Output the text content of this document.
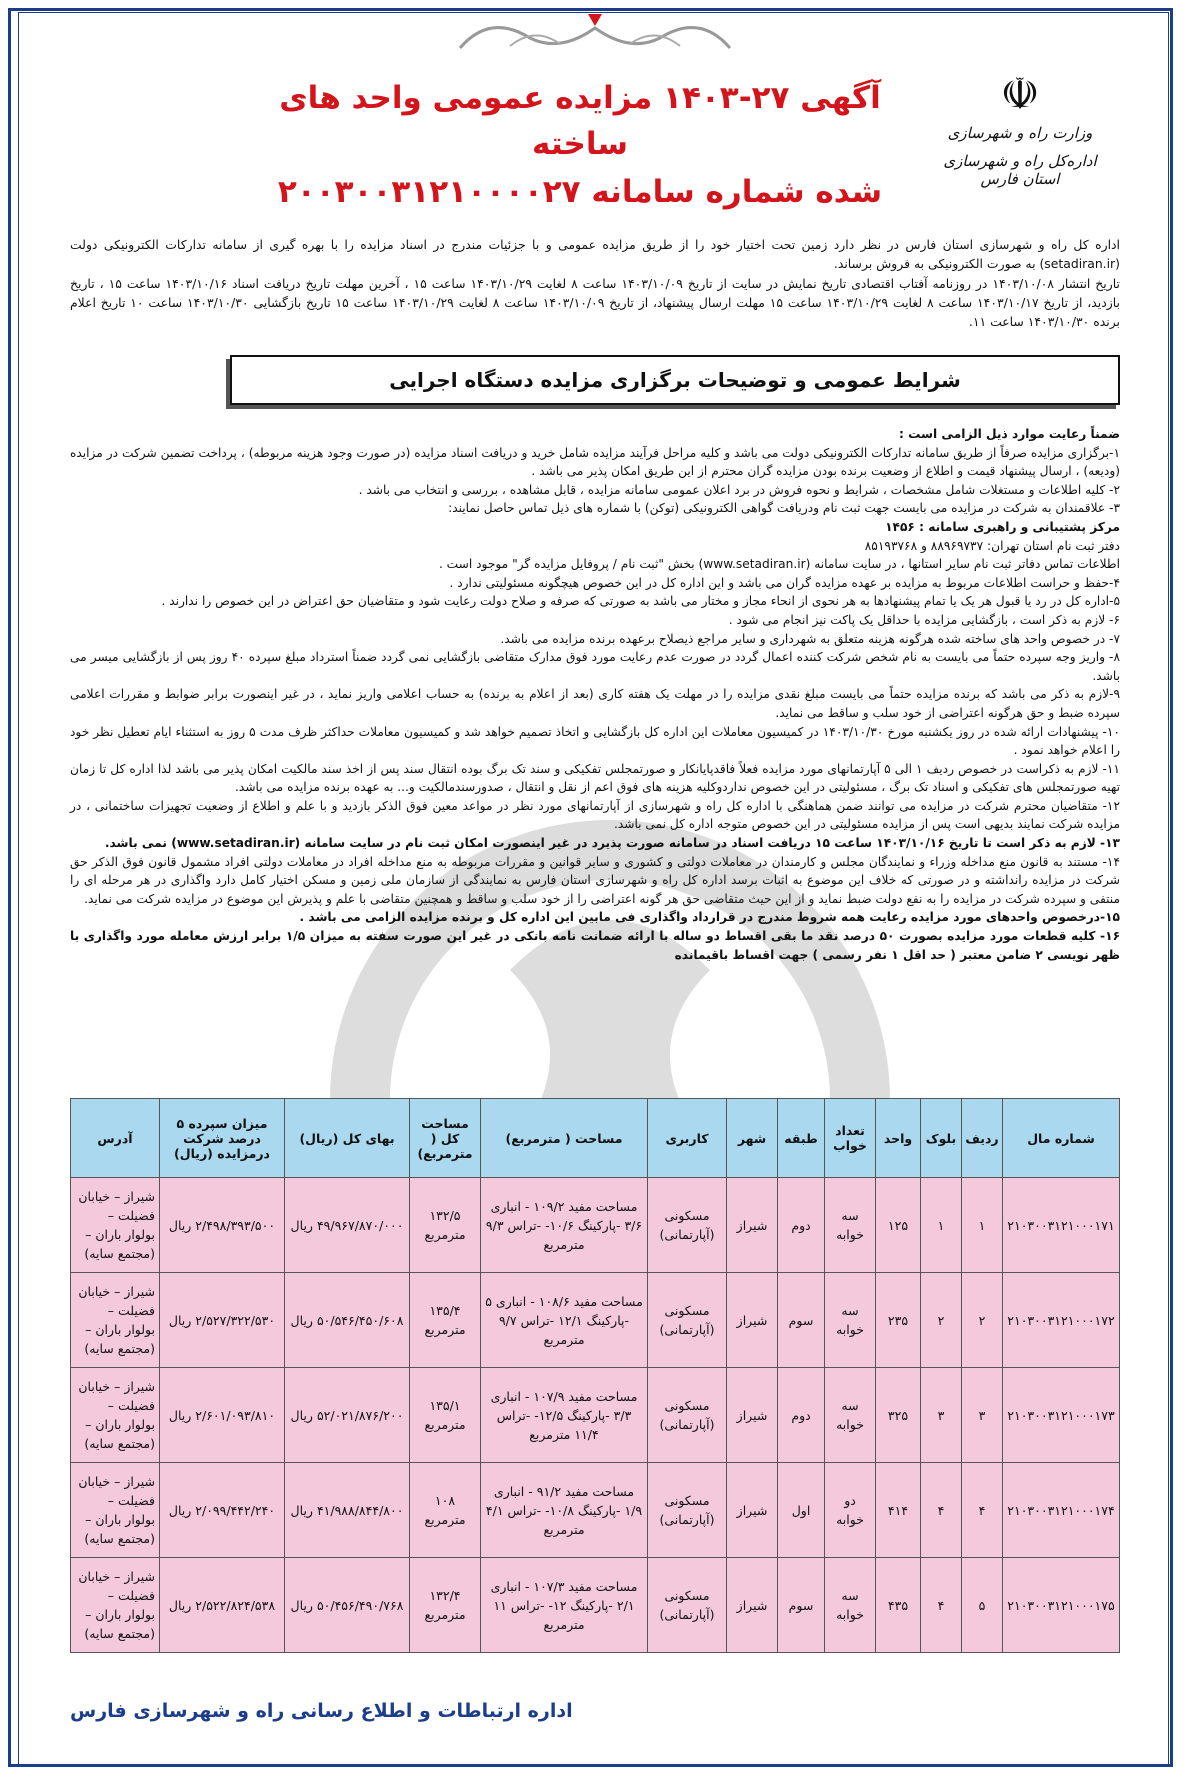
☫
وزارت راه و شهرسازی
اداره‌کل راه و شهرسازی استان فارس
آگهی ۲۷-۱۴۰۳ مزایده عمومی واحد های ساخته
شده شماره سامانه ۲۰۰۳۰۰۳۱۲۱۰۰۰۰۲۷

اداره کل راه و شهرسازی استان فارس در نظر دارد زمین تحت اختیار خود را از طریق مزایده عمومی و با جزئیات مندرج در اسناد مزایده را با بهره گیری از سامانه تدارکات الکترونیکی دولت (setadiran.ir) به صورت الکترونیکی به فروش برساند.

تاریخ انتشار ۱۴۰۳/۱۰/۰۸ در روزنامه آفتاب اقتصادی تاریخ نمایش در سایت از تاریخ ۱۴۰۳/۱۰/۰۹ ساعت ۸ لغایت ۱۴۰۳/۱۰/۲۹ ساعت ۱۵ ، آخرین مهلت تاریخ دریافت اسناد ۱۴۰۳/۱۰/۱۶ ساعت ۱۵ ، تاریخ بازدید، از تاریخ ۱۴۰۳/۱۰/۱۷ ساعت ۸ لغایت ۱۴۰۳/۱۰/۲۹ ساعت ۱۵ مهلت ارسال پیشنهاد، از تاریخ ۱۴۰۳/۱۰/۰۹ ساعت ۸ لغایت ۱۴۰۳/۱۰/۲۹ ساعت ۱۵ تاریخ بازگشایی ۱۴۰۳/۱۰/۳۰ ساعت ۱۰ تاریخ اعلام برنده ۱۴۰۳/۱۰/۳۰ ساعت ۱۱.

شرایط عمومی و توضیحات برگزاری مزایده دستگاه اجرایی

ضمناً رعایت موارد ذیل الزامی است :

۱-برگزاری مزایده صرفاً از طریق سامانه تدارکات الکترونیکی دولت می باشد و کلیه مراحل فرآیند مزایده شامل خرید و دریافت اسناد مزایده (در صورت وجود هزینه مربوطه) ، پرداخت تضمین شرکت در مزایده (ودیعه) ، ارسال پیشنهاد قیمت و اطلاع از وضعیت برنده بودن مزایده گران محترم از این طریق امکان پذیر می باشد .

۲- کلیه اطلاعات و مستغلات شامل مشخصات ، شرایط و نحوه فروش در برد اعلان عمومی سامانه مزایده ، قابل مشاهده ، بررسی و انتخاب می باشد .

۳- علاقمندان به شرکت در مزایده می بایست جهت ثبت نام ودریافت گواهی الکترونیکی (توکن) با شماره های ذیل تماس حاصل نمایند:

مرکز پشتیبانی و راهبری سامانه : ۱۴۵۶

دفتر ثبت نام استان تهران: ۸۸۹۶۹۷۳۷ و ۸۵۱۹۳۷۶۸

اطلاعات تماس دفاتر ثبت نام سایر استانها ، در سایت سامانه (www.setadiran.ir) بخش "ثبت نام / پروفایل مزایده گر" موجود است .

۴-حفظ و حراست اطلاعات مربوط به مزایده بر عهده مزایده گران می باشد و این اداره کل در این خصوص هیچگونه مسئولیتی ندارد .

۵-اداره کل در رد یا قبول هر یک یا تمام پیشنهادها به هر نحوی از انحاء مجاز و مختار می باشد به صورتی که صرفه و صلاح دولت رعایت شود و متقاضیان حق اعتراض در این خصوص را ندارند .

۶- لازم به ذکر است ، بازگشایی مزایده با حداقل یک پاکت نیز انجام می شود .

۷- در خصوص واحد های ساخته شده هرگونه هزینه متعلق به شهرداری و سایر مراجع ذیصلاح برعهده برنده مزایده می باشد.

۸- واریز وجه سپرده حتماً می بایست به نام شخص شرکت کننده اعمال گردد در صورت عدم رعایت مورد فوق مدارک متقاضی بازگشایی نمی گردد ضمناً استرداد مبلغ سپرده ۴۰ روز پس از بازگشایی میسر می باشد.

۹-لازم به ذکر می باشد که برنده مزایده حتماً می بایست مبلغ نقدی مزایده را در مهلت یک هفته کاری (بعد از اعلام به برنده) به حساب اعلامی واریز نماید ، در غیر اینصورت برابر ضوابط و مقررات اعلامی سپرده ضبط و حق هرگونه اعتراضی از خود سلب و ساقط می نماید.

۱۰- پیشنهادات ارائه شده در روز یکشنبه مورخ ۱۴۰۳/۱۰/۳۰ در کمیسیون معاملات این اداره کل بازگشایی و اتخاذ تصمیم خواهد شد و کمیسیون معاملات حداکثر ظرف مدت ۵ روز به استثناء ایام تعطیل نظر خود را اعلام خواهد نمود .

۱۱- لازم به ذکراست در خصوص ردیف ۱ الی ۵ آپارتمانهای مورد مزایده فعلاً فاقدپایانکار و صورتمجلس تفکیکی و سند تک برگ بوده انتقال سند پس از اخذ سند مالکیت امکان پذیر می باشد لذا اداره کل تا زمان تهیه صورتمجلس های تفکیکی و اسناد تک برگ ، مسئولیتی در این خصوص نداردوکلیه هزینه های فوق اعم از نقل و انتقال ، صدورسندمالکیت و... به عهده برنده مزایده می باشد.

۱۲- متقاضیان محترم شرکت در مزایده می توانند ضمن هماهنگی با اداره کل راه و شهرسازی از آپارتمانهای مورد نظر در مواعد معین فوق الذکر بازدید و با علم و اطلاع از وضعیت تجهیزات ساختمانی ، در مزایده شرکت نمایند بدیهی است پس از مزایده مسئولیتی در این خصوص متوجه اداره کل نمی باشد.

۱۳- لازم به ذکر است تا تاریخ ۱۴۰۳/۱۰/۱۶ ساعت ۱۵ دریافت اسناد در سامانه صورت پذیرد در غیر اینصورت امکان ثبت نام در سایت سامانه (www.setadiran.ir) نمی باشد.

۱۴- مستند به قانون منع مداخله وزراء و نمایندگان مجلس و کارمندان در معاملات دولتی و کشوری و سایر قوانین و مقررات مربوطه به منع مداخله افراد در معاملات دولتی افراد مشمول قانون فوق الذکر حق شرکت در مزایده رانداشته و در صورتی که خلاف این موضوع به اثبات برسد اداره کل راه و شهرسازی استان فارس به نمایندگی از سازمان ملی زمین و مسکن اختیار کامل دارد واگذاری در هر مرحله ای را منتفی و سپرده شرکت در مزایده را به نفع دولت ضبط نماید و از این حیث متقاضی حق هر گونه اعتراضی را از خود سلب و ساقط و همچنین متقاضی با علم و پذیرش این موضوع در مزایده شرکت می نماید.

۱۵-درخصوص واحدهای مورد مزایده رعایت همه شروط مندرج در قرارداد واگذاری فی مابین این اداره کل و برنده مزایده الزامی می باشد .

۱۶- کلیه قطعات مورد مزایده بصورت ۵۰ درصد نقد ما بقی اقساط دو ساله با ارائه ضمانت نامه بانکی در غیر این صورت سفته به میزان ۱/۵ برابر ارزش معامله مورد واگذاری با ظهر نویسی ۲ ضامن معتبر ( حد اقل ۱ نفر رسمی ) جهت اقساط باقیمانده

شماره مال	ردیف	بلوک	واحد	تعداد خواب	طبقه	شهر	کاربری	مساحت ( مترمربع)	مساحت کل ( مترمربع)	بهای کل (ریال)	میزان سپرده ۵ درصد شرکت درمزایده (ریال)	آدرس
۲۱۰۳۰۰۳۱۲۱۰۰۰۱۷۱	۱	۱	۱۲۵	سه خوابه	دوم	شیراز	مسکونی (آپارتمانی)	مساحت مفید ۱۰۹/۲ - انباری ۳/۶ -پارکینگ ۱۰/۶- -تراس ۹/۳ مترمربع	۱۳۲/۵ مترمربع	۴۹/۹۶۷/۸۷۰/۰۰۰ ریال	۲/۴۹۸/۳۹۳/۵۰۰ ریال	شیراز – خیابان فضیلت – بولوار باران – (مجتمع سایه)
۲۱۰۳۰۰۳۱۲۱۰۰۰۱۷۲	۲	۲	۲۳۵	سه خوابه	سوم	شیراز	مسکونی (آپارتمانی)	مساحت مفید ۱۰۸/۶ - انباری ۵ -پارکینگ ۱۲/۱ -تراس ۹/۷ مترمربع	۱۳۵/۴ مترمربع	۵۰/۵۴۶/۴۵۰/۶۰۸ ریال	۲/۵۲۷/۳۲۲/۵۳۰ ریال	شیراز – خیابان فضیلت – بولوار باران – (مجتمع سایه)
۲۱۰۳۰۰۳۱۲۱۰۰۰۱۷۳	۳	۳	۳۲۵	سه خوابه	دوم	شیراز	مسکونی (آپارتمانی)	مساحت مفید ۱۰۷/۹ - انباری ۳/۳ -پارکینگ ۱۲/۵- -تراس ۱۱/۴ مترمربع	۱۳۵/۱ مترمربع	۵۲/۰۲۱/۸۷۶/۲۰۰ ریال	۲/۶۰۱/۰۹۳/۸۱۰ ریال	شیراز – خیابان فضیلت – بولوار باران – (مجتمع سایه)
۲۱۰۳۰۰۳۱۲۱۰۰۰۱۷۴	۴	۴	۴۱۴	دو خوابه	اول	شیراز	مسکونی (آپارتمانی)	مساحت مفید ۹۱/۲ - انباری ۱/۹ -پارکینگ ۱۰/۸- -تراس ۴/۱ مترمربع	۱۰۸ مترمربع	۴۱/۹۸۸/۸۴۴/۸۰۰ ریال	۲/۰۹۹/۴۴۲/۲۴۰ ریال	شیراز – خیابان فضیلت – بولوار باران – (مجتمع سایه)
۲۱۰۳۰۰۳۱۲۱۰۰۰۱۷۵	۵	۴	۴۳۵	سه خوابه	سوم	شیراز	مسکونی (آپارتمانی)	مساحت مفید ۱۰۷/۳ - انباری ۲/۱ -پارکینگ ۱۲- -تراس ۱۱ مترمربع	۱۳۲/۴ مترمربع	۵۰/۴۵۶/۴۹۰/۷۶۸ ریال	۲/۵۲۲/۸۲۴/۵۳۸ ریال	شیراز – خیابان فضیلت – بولوار باران – (مجتمع سایه)
اداره ارتباطات و اطلاع رسانی راه و شهرسازی فارس
